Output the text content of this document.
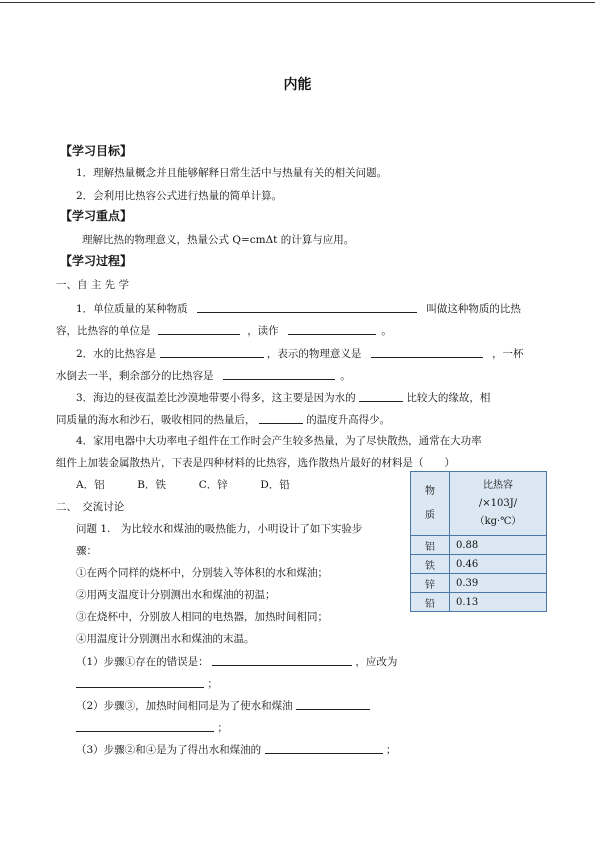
内能
【学习目标】
1．理解热量概念并且能够解释日常生活中与热量有关的相关问题。
2．会利用比热容公式进行热量的简单计算。
【学习重点】
理解比热的物理意义，热量公式 Q=cmΔt 的计算与应用。
【学习过程】
一、自 主 先 学
1．单位质量的某种物质	叫做这种物质的比热
容，比热容的单位是	，读作	。
2．水的比热容是	，表示的物理意义是	，一杯
水倒去一半，剩余部分的比热容是	。
3．海边的昼夜温差比沙漠地带要小得多，这主要是因为水的	比较大的缘故，相
同质量的海水和沙石，吸收相同的热量后，	的温度升高得少。
4．家用电器中大功率电子组件在工作时会产生较多热量，为了尽快散热，通常在大功率
组件上加装金属散热片，下表是四种材料的比热容，选作散热片最好的材料是（　　）
A．铝	B．铁	C．锌	D．铅
二、　交流讨论
问题 1.　为比较水和煤油的吸热能力，小明设计了如下实验步
骤：
①在两个同样的烧杯中，分别装入等体积的水和煤油；
②用两支温度计分别测出水和煤油的初温；
③在烧杯中，分别放人相同的电热器，加热时间相同；
④用温度计分别测出水和煤油的末温。
（1）步骤①存在的错误是：	，应改为
；
（2）步骤③，加热时间相同是为了使水和煤油
；
（3）步骤②和④是为了得出水和煤油的	；
物质	比热容
/×103J/
（kg·℃）

铝	0.88
铁	0.46
锌	0.39
铅	0.13
